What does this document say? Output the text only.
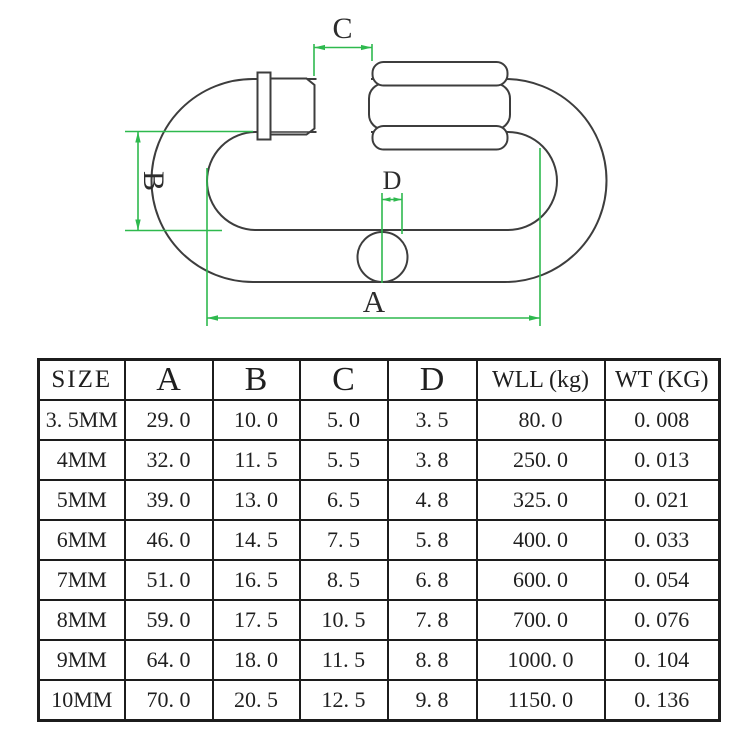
C
B	D
A
SIZE	A	B	C	D	WLL (kg)	WT (KG)
3. 5MM	29. 0	10. 0	5. 0	3. 5	80. 0	0. 008
4MM	32. 0	11. 5	5. 5	3. 8	250. 0	0. 013
5MM	39. 0	13. 0	6. 5	4. 8	325. 0	0. 021
6MM	46. 0	14. 5	7. 5	5. 8	400. 0	0. 033
7MM	51. 0	16. 5	8. 5	6. 8	600. 0	0. 054
8MM	59. 0	17. 5	10. 5	7. 8	700. 0	0. 076
9MM	64. 0	18. 0	11. 5	8. 8	1000. 0	0. 104
10MM	70. 0	20. 5	12. 5	9. 8	1150. 0	0. 136
